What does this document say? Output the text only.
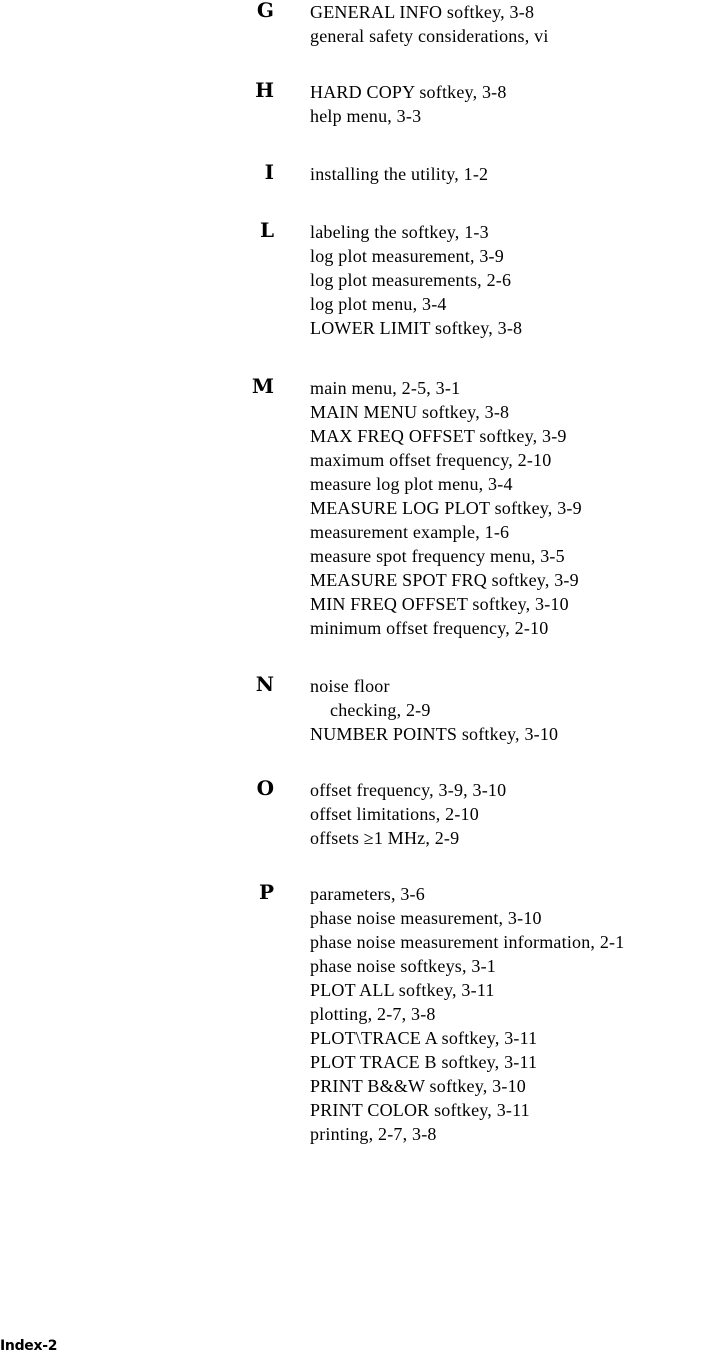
G GENERAL INFO softkey, 3-8
general safety considerations, vi
H HARD COPY softkey, 3-8
help menu, 3-3
I installing the utility, 1-2
L labeling the softkey, 1-3
log plot measurement, 3-9
log plot measurements, 2-6
log plot menu, 3-4
LOWER LIMIT softkey, 3-8
M main menu, 2-5, 3-1
MAIN MENU softkey, 3-8
MAX FREQ OFFSET softkey, 3-9
maximum offset frequency, 2-10
measure log plot menu, 3-4
MEASURE LOG PLOT softkey, 3-9
measurement example, 1-6
measure spot frequency menu, 3-5
MEASURE SPOT FRQ softkey, 3-9
MIN FREQ OFFSET softkey, 3-10
minimum offset frequency, 2-10
N noise floor
checking, 2-9
NUMBER POINTS softkey, 3-10
O offset frequency, 3-9, 3-10
offset limitations, 2-10
offsets ≥1 MHz, 2-9
P parameters, 3-6
phase noise measurement, 3-10
phase noise measurement information, 2-1
phase noise softkeys, 3-1
PLOT ALL softkey, 3-11
plotting, 2-7, 3-8
PLOT\TRACE A softkey, 3-11
PLOT TRACE B softkey, 3-11
PRINT B&&W softkey, 3-10
PRINT COLOR softkey, 3-11
printing, 2-7, 3-8
Index-2
